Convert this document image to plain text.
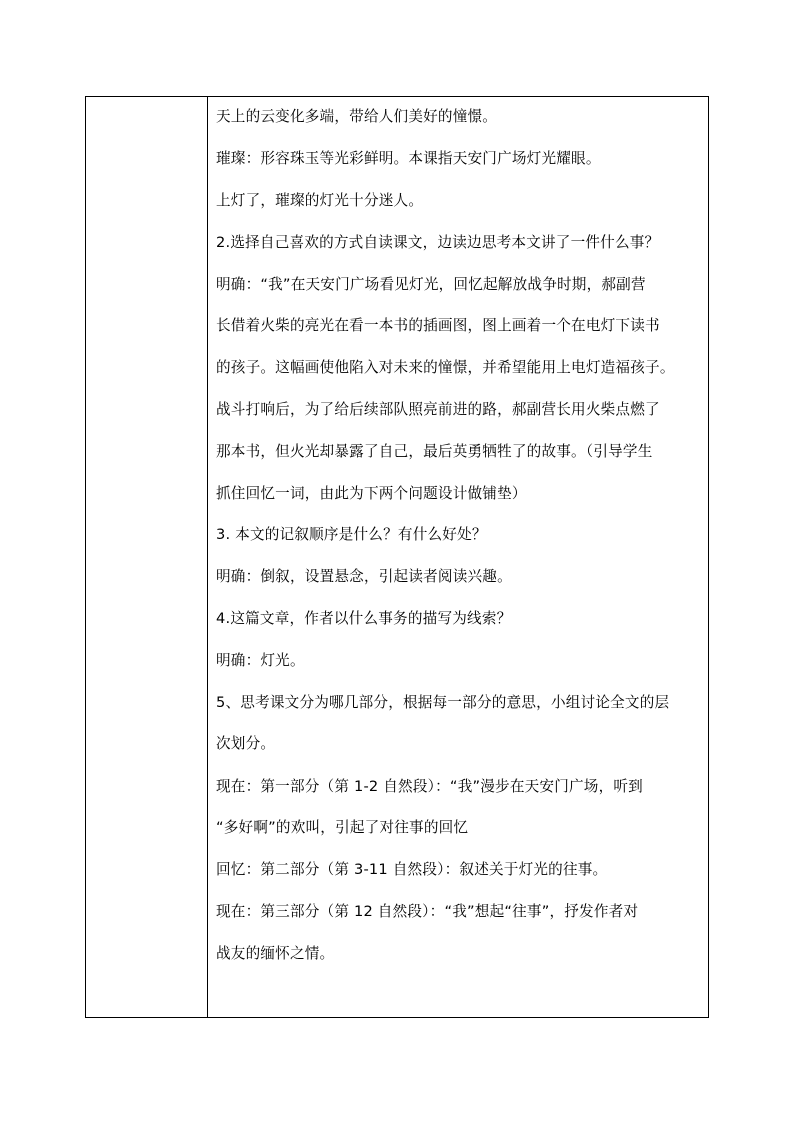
天上的云变化多端，带给人们美好的憧憬。
璀璨：形容珠玉等光彩鲜明。本课指天安门广场灯光耀眼。
上灯了，璀璨的灯光十分迷人。
2.选择自己喜欢的方式自读课文，边读边思考本文讲了一件什么事？
明确：“我”在天安门广场看见灯光，回忆起解放战争时期，郝副营
长借着火柴的亮光在看一本书的插画图，图上画着一个在电灯下读书
的孩子。这幅画使他陷入对未来的憧憬，并希望能用上电灯造福孩子。
战斗打响后，为了给后续部队照亮前进的路，郝副营长用火柴点燃了
那本书，但火光却暴露了自己，最后英勇牺牲了的故事。（引导学生
抓住回忆一词，由此为下两个问题设计做铺垫）
3. 本文的记叙顺序是什么？有什么好处？
明确：倒叙，设置悬念，引起读者阅读兴趣。
4.这篇文章，作者以什么事务的描写为线索？
明确：灯光。
5、思考课文分为哪几部分，根据每一部分的意思，小组讨论全文的层
次划分。
现在：第一部分（第 1-2 自然段）：“我”漫步在天安门广场，听到
“多好啊”的欢叫，引起了对往事的回忆
回忆：第二部分（第 3-11 自然段）：叙述关于灯光的往事。
现在：第三部分（第 12 自然段）：“我”想起“往事”，抒发作者对
战友的缅怀之情。
